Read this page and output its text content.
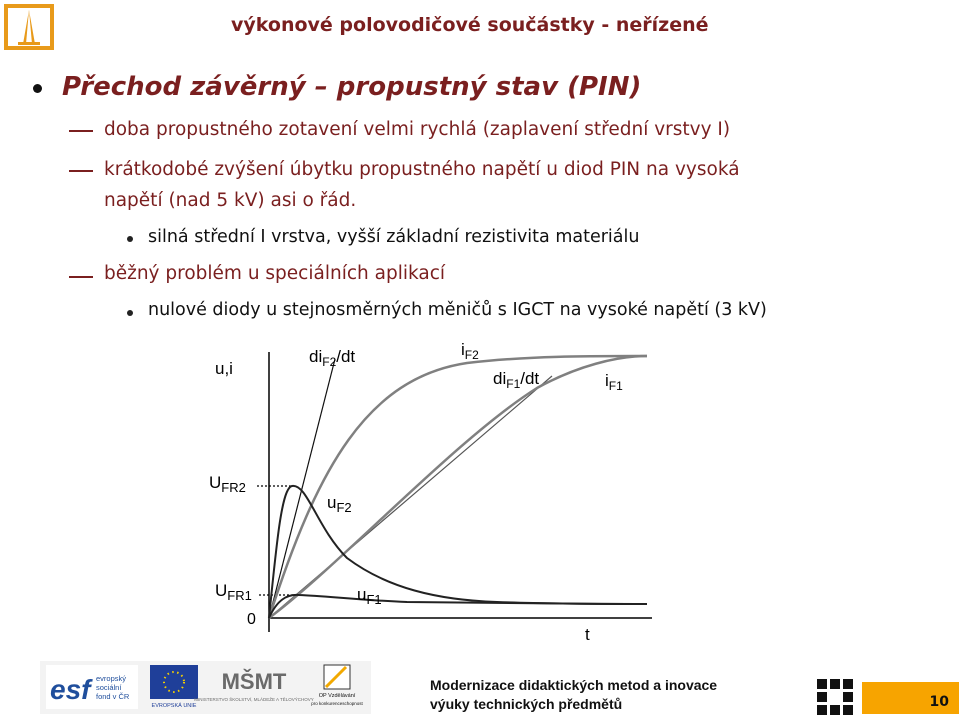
výkonové polovodičové součástky - neřízené
Přechod závěrný – propustný stav (PIN)
doba propustného zotavení velmi rychlá (zaplavení střední vrstvy I)
krátkodobé zvýšení úbytku propustného napětí u diod PIN na vysoká
napětí (nad 5 kV) asi o řád.
silná střední I vrstva, vyšší základní rezistivita materiálu
běžný problém u speciálních aplikací
nulové diody u stejnosměrných měničů s IGCT na vysoké napětí (3 kV)
u,i
$di_{F2}/dt$	$i_{F2}$
$di_{F1}/dt$	$i_{F1}$
$U_{FR2}$
$u_{F2}$
$U_{FR1}$	$u_{F1}$
0
t
esf evropský
sociální
fond v ČR
EVROPSKÁ UNIE
MŠMT
MINISTERSTVO ŠKOLSTVÍ, MLÁDEŽE A TĚLOVÝCHOVY
OP Vzdělávání
pro konkurenceschopnost
Modernizace didaktických metod a inovace
výuky technických předmětů	10
